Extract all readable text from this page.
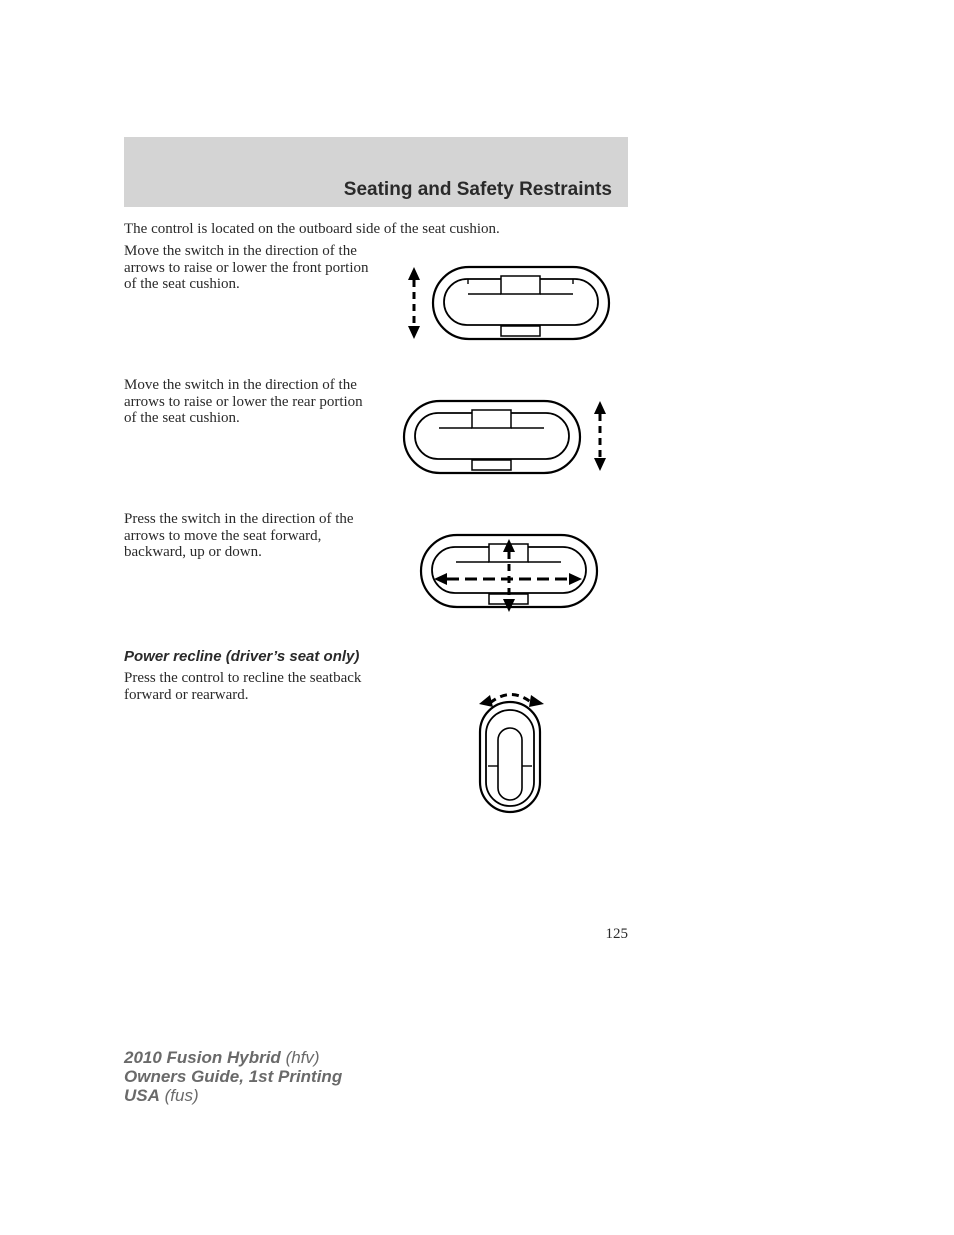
Seating and Safety Restraints
The control is located on the outboard side of the seat cushion.
Move the switch in the direction of the arrows to raise or lower the front portion of the seat cushion.
Move the switch in the direction of the arrows to raise or lower the rear portion of the seat cushion.
Press the switch in the direction of the arrows to move the seat forward, backward, up or down.
Power recline (driver’s seat only)
Press the control to recline the seatback forward or rearward.
125
2010 Fusion Hybrid (hfv)
Owners Guide, 1st Printing
USA (fus)
